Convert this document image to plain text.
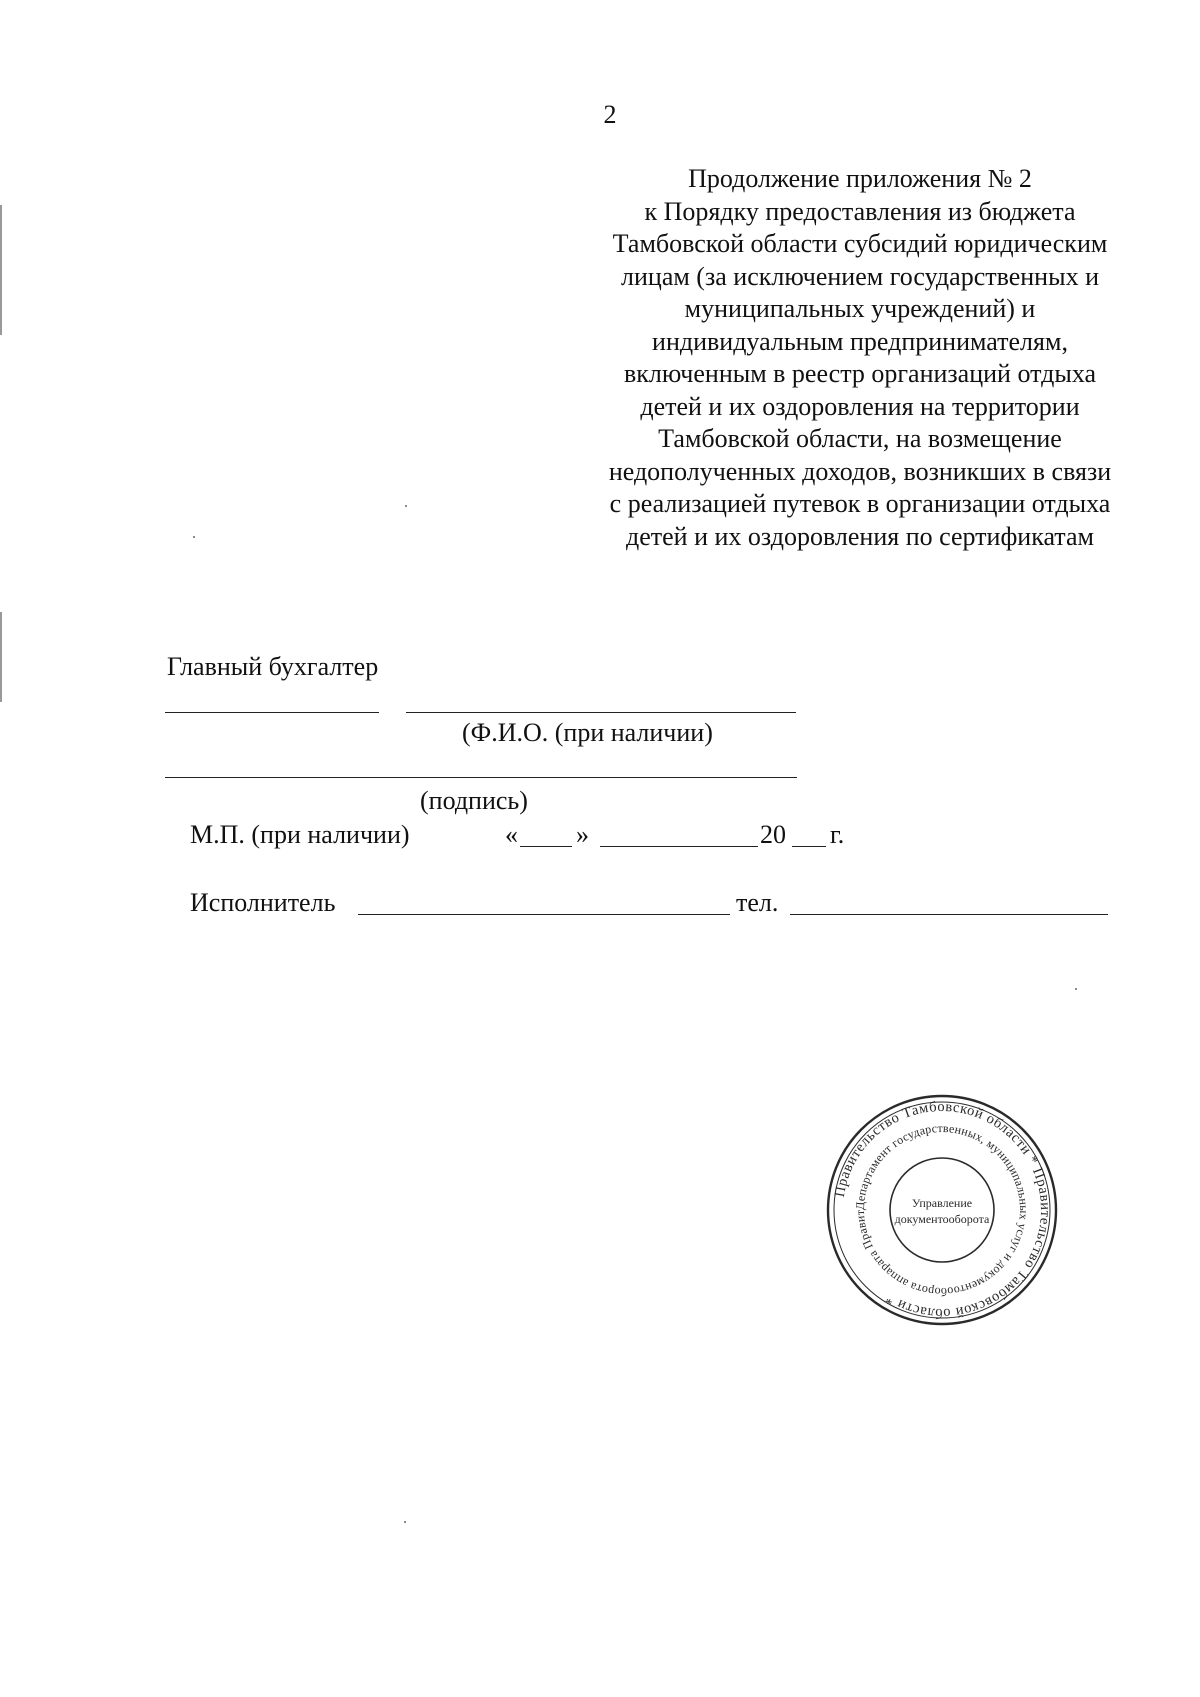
2
Продолжение приложения № 2
к Порядку предоставления из бюджета
Тамбовской области субсидий юридическим
лицам (за исключением государственных и
муниципальных учреждений) и
индивидуальным предпринимателям,
включенным в реестр организаций отдыха
детей и их оздоровления на территории
Тамбовской области, на возмещение
недополученных доходов, возникших в связи
с реализацией путевок в организации отдыха
детей и их оздоровления по сертификатам
Главный бухгалтер
(Ф.И.О. (при наличии)
(подпись)
М.П. (при наличии)	« »	20 г.
Исполнитель	тел.
Правительство Тамбовской области * Правительство Тамбовской области *
Департамент государственных, муниципальных услуг и документооборота аппарата Правительства Тамбовской области
Управление
документооборота
